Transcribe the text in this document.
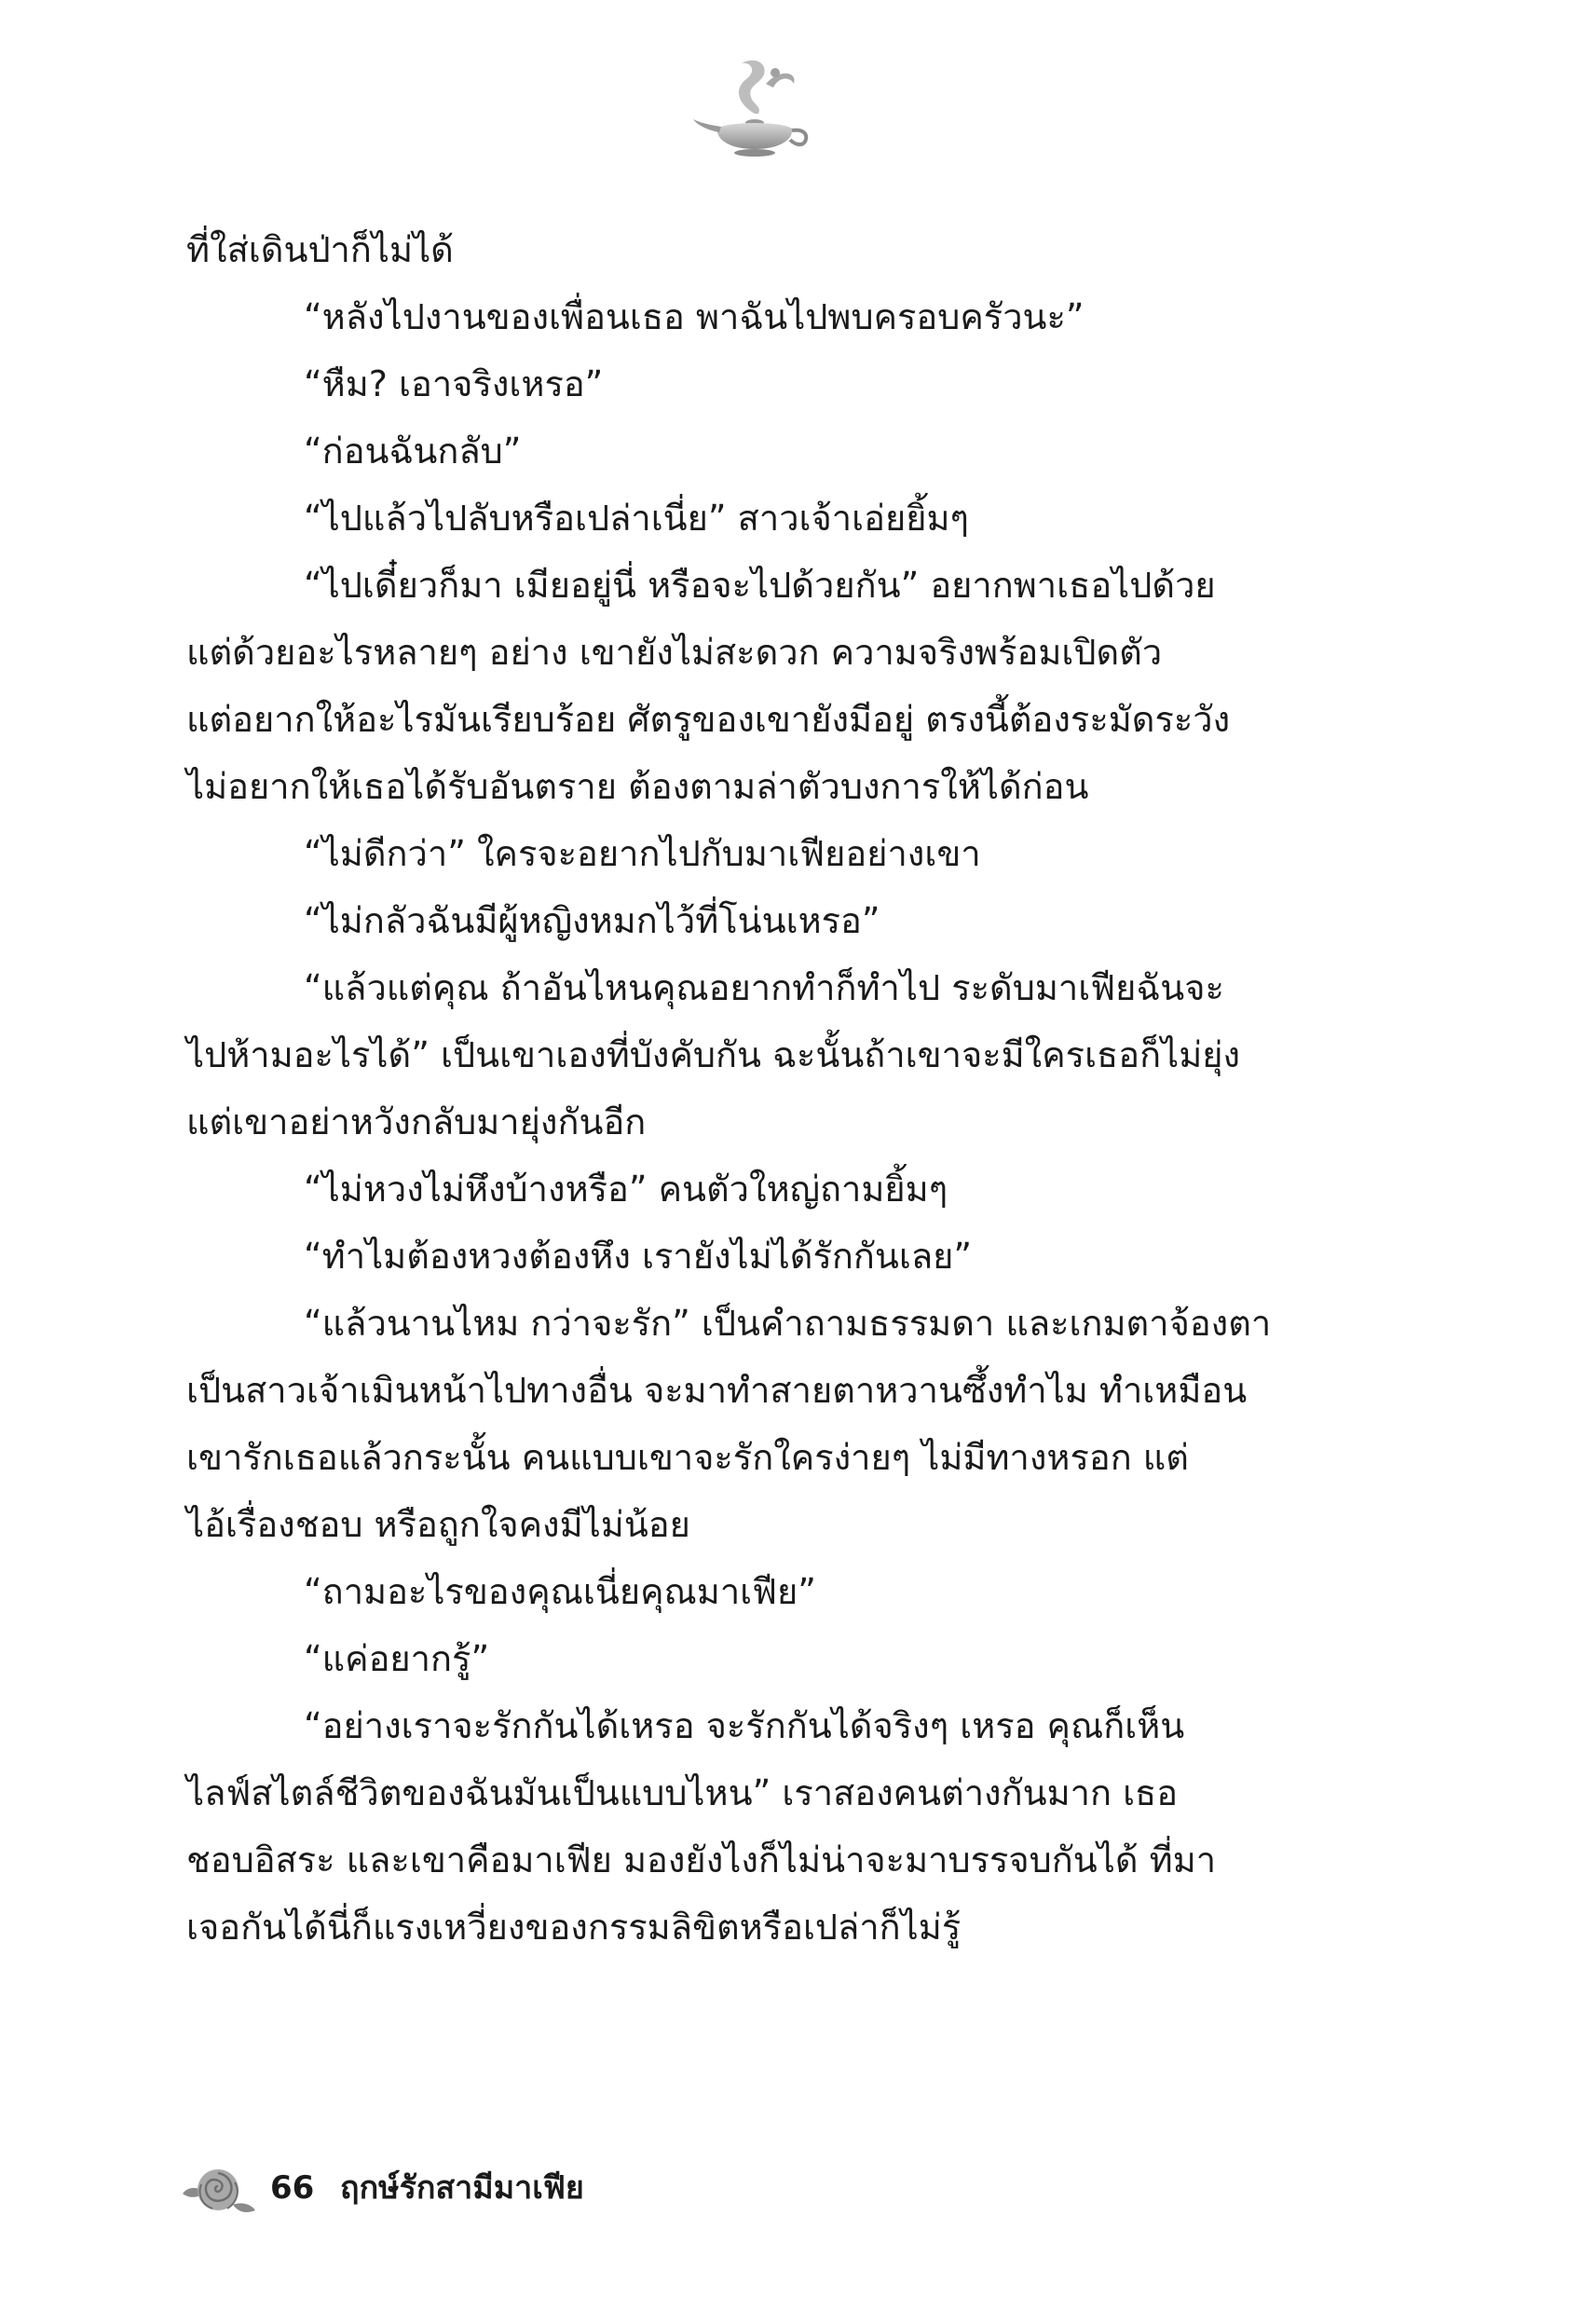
ที่ใส่เดินป่าก็ไม่ได้
“หลังไปงานของเพื่อนเธอ พาฉันไปพบครอบครัวนะ”
“หืม? เอาจริงเหรอ”
“ก่อนฉันกลับ”
“ไปแล้วไปลับหรือเปล่าเนี่ย” สาวเจ้าเอ่ยยิ้มๆ
“ไปเดี๋ยวก็มา เมียอยู่นี่ หรือจะไปด้วยกัน” อยากพาเธอไปด้วย
แต่ด้วยอะไรหลายๆ อย่าง เขายังไม่สะดวก ความจริงพร้อมเปิดตัว
แต่อยากให้อะไรมันเรียบร้อย ศัตรูของเขายังมีอยู่ ตรงนี้ต้องระมัดระวัง
ไม่อยากให้เธอได้รับอันตราย ต้องตามล่าตัวบงการให้ได้ก่อน
“ไม่ดีกว่า” ใครจะอยากไปกับมาเฟียอย่างเขา
“ไม่กลัวฉันมีผู้หญิงหมกไว้ที่โน่นเหรอ”
“แล้วแต่คุณ ถ้าอันไหนคุณอยากทำก็ทำไป ระดับมาเฟียฉันจะ
ไปห้ามอะไรได้” เป็นเขาเองที่บังคับกัน ฉะนั้นถ้าเขาจะมีใครเธอก็ไม่ยุ่ง
แต่เขาอย่าหวังกลับมายุ่งกันอีก
“ไม่หวงไม่หึงบ้างหรือ” คนตัวใหญ่ถามยิ้มๆ
“ทำไมต้องหวงต้องหึง เรายังไม่ได้รักกันเลย”
“แล้วนานไหม กว่าจะรัก” เป็นคำถามธรรมดา และเกมตาจ้องตา
เป็นสาวเจ้าเมินหน้าไปทางอื่น จะมาทำสายตาหวานซึ้งทำไม ทำเหมือน
เขารักเธอแล้วกระนั้น คนแบบเขาจะรักใครง่ายๆ ไม่มีทางหรอก แต่
ไอ้เรื่องชอบ หรือถูกใจคงมีไม่น้อย
“ถามอะไรของคุณเนี่ยคุณมาเฟีย”
“แค่อยากรู้”
“อย่างเราจะรักกันได้เหรอ จะรักกันได้จริงๆ เหรอ คุณก็เห็น
ไลฟ์สไตล์ชีวิตของฉันมันเป็นแบบไหน” เราสองคนต่างกันมาก เธอ
ชอบอิสระ และเขาคือมาเฟีย มองยังไงก็ไม่น่าจะมาบรรจบกันได้ ที่มา
เจอกันได้นี่ก็แรงเหวี่ยงของกรรมลิขิตหรือเปล่าก็ไม่รู้
66 ฤกษ์รักสามีมาเฟีย
